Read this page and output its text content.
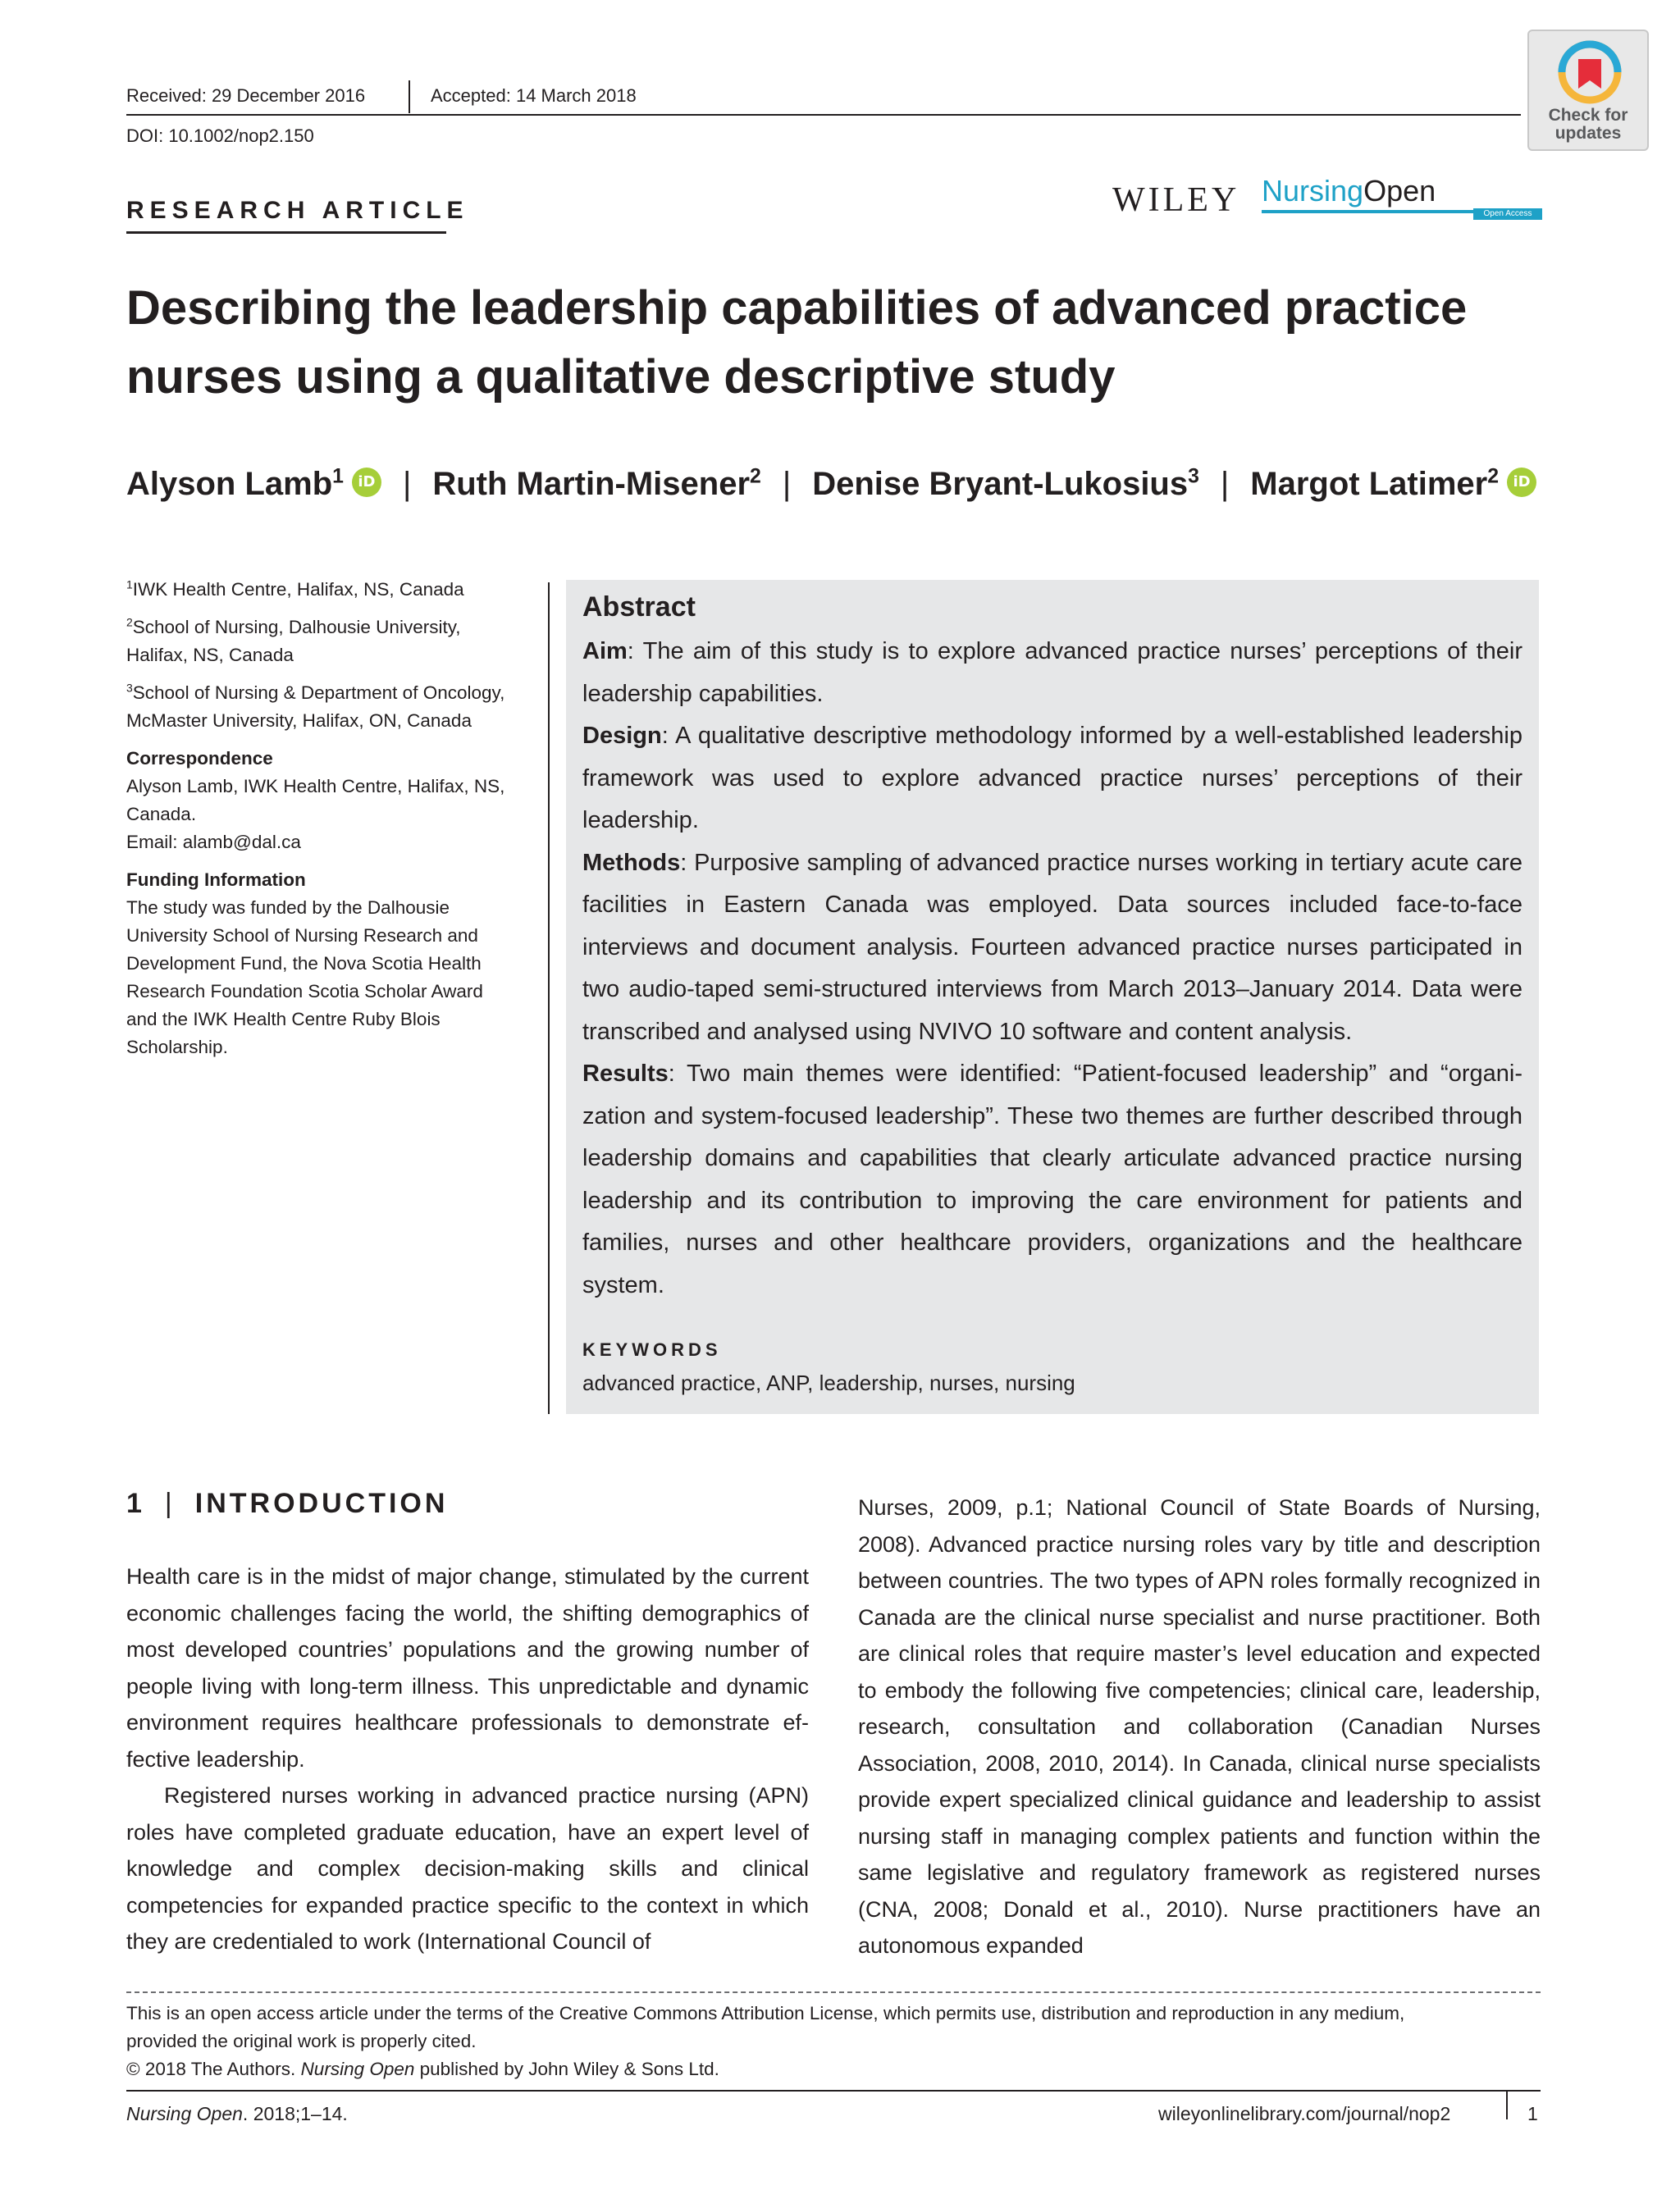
Received: 29 December 2016	Accepted: 14 March 2018
DOI: 10.1002/nop2.150
Check for updates
RESEARCH ARTICLE	WILEY NursingOpen
Open Access
Describing the leadership capabilities of advanced practice
nurses using a qualitative descriptive study
Alyson Lamb$^1$ iD | Ruth Martin-Misener$^2$ | Denise Bryant-Lukosius$^3$ | Margot Latimer$^2$ iD

$^1$IWK Health Centre, Halifax, NS, Canada

$^2$School of Nursing, Dalhousie University, Halifax, NS, Canada

$^3$School of Nursing & Department of Oncology, McMaster University, Halifax, ON, Canada

Correspondence

Alyson Lamb, IWK Health Centre, Halifax, NS, Canada.

Email: alamb@dal.ca

Funding Information

The study was funded by the Dalhousie University School of Nursing Research and Development Fund, the Nova Scotia Health Research Foundation Scotia Scholar Award and the IWK Health Centre Ruby Blois Scholarship.

Abstract

Aim: The aim of this study is to explore advanced practice nurses’ perceptions of their leadership capabilities.

Design: A qualitative descriptive methodology informed by a well-established leadership framework was used to explore advanced practice nurses’ perceptions of their leadership.

Methods: Purposive sampling of advanced practice nurses working in tertiary acute care facilities in Eastern Canada was employed. Data sources included face-to-face interviews and document analysis. Fourteen advanced practice nurses participated in two audio-taped semi-structured interviews from March 2013–January 2014. Data were transcribed and analysed using NVIVO 10 software and content analysis.

Results: Two main themes were identified: “Patient-focused leadership” and “organization and system-focused leadership”. These two themes are further described through leadership domains and capabilities that clearly articulate advanced practice nursing leadership and its contribution to improving the care environment for patients and families, nurses and other healthcare providers, organizations and the healthcare system.

KEYWORDS
advanced practice, ANP, leadership, nurses, nursing
1 | INTRODUCTION

Health care is in the midst of major change, stimulated by the current economic challenges facing the world, the shifting demographics of most developed countries’ populations and the growing number of people living with long-term illness. This unpredictable and dynamic environment requires healthcare professionals to demonstrate effective leadership.

Registered nurses working in advanced practice nursing (APN) roles have completed graduate education, have an expert level of knowledge and complex decision-making skills and clinical competencies for expanded practice specific to the context in which they are credentialed to work (International Council of

Nurses, 2009, p.1; National Council of State Boards of Nursing, 2008). Advanced practice nursing roles vary by title and description between countries. The two types of APN roles formally recognized in Canada are the clinical nurse specialist and nurse practitioner. Both are clinical roles that require master’s level education and expected to embody the following five competencies; clinical care, leadership, research, consultation and collaboration (Canadian Nurses Association, 2008, 2010, 2014). In Canada, clinical nurse specialists provide expert specialized clinical guidance and leadership to assist nursing staff in managing complex patients and function within the same legislative and regulatory framework as registered nurses (CNA, 2008; Donald et al., 2010). Nurse practitioners have an autonomous expanded

This is an open access article under the terms of the Creative Commons Attribution License, which permits use, distribution and reproduction in any medium,
provided the original work is properly cited.
© 2018 The Authors. Nursing Open published by John Wiley & Sons Ltd.
Nursing Open. 2018;1–14.	wileyonlinelibrary.com/journal/nop2	1
